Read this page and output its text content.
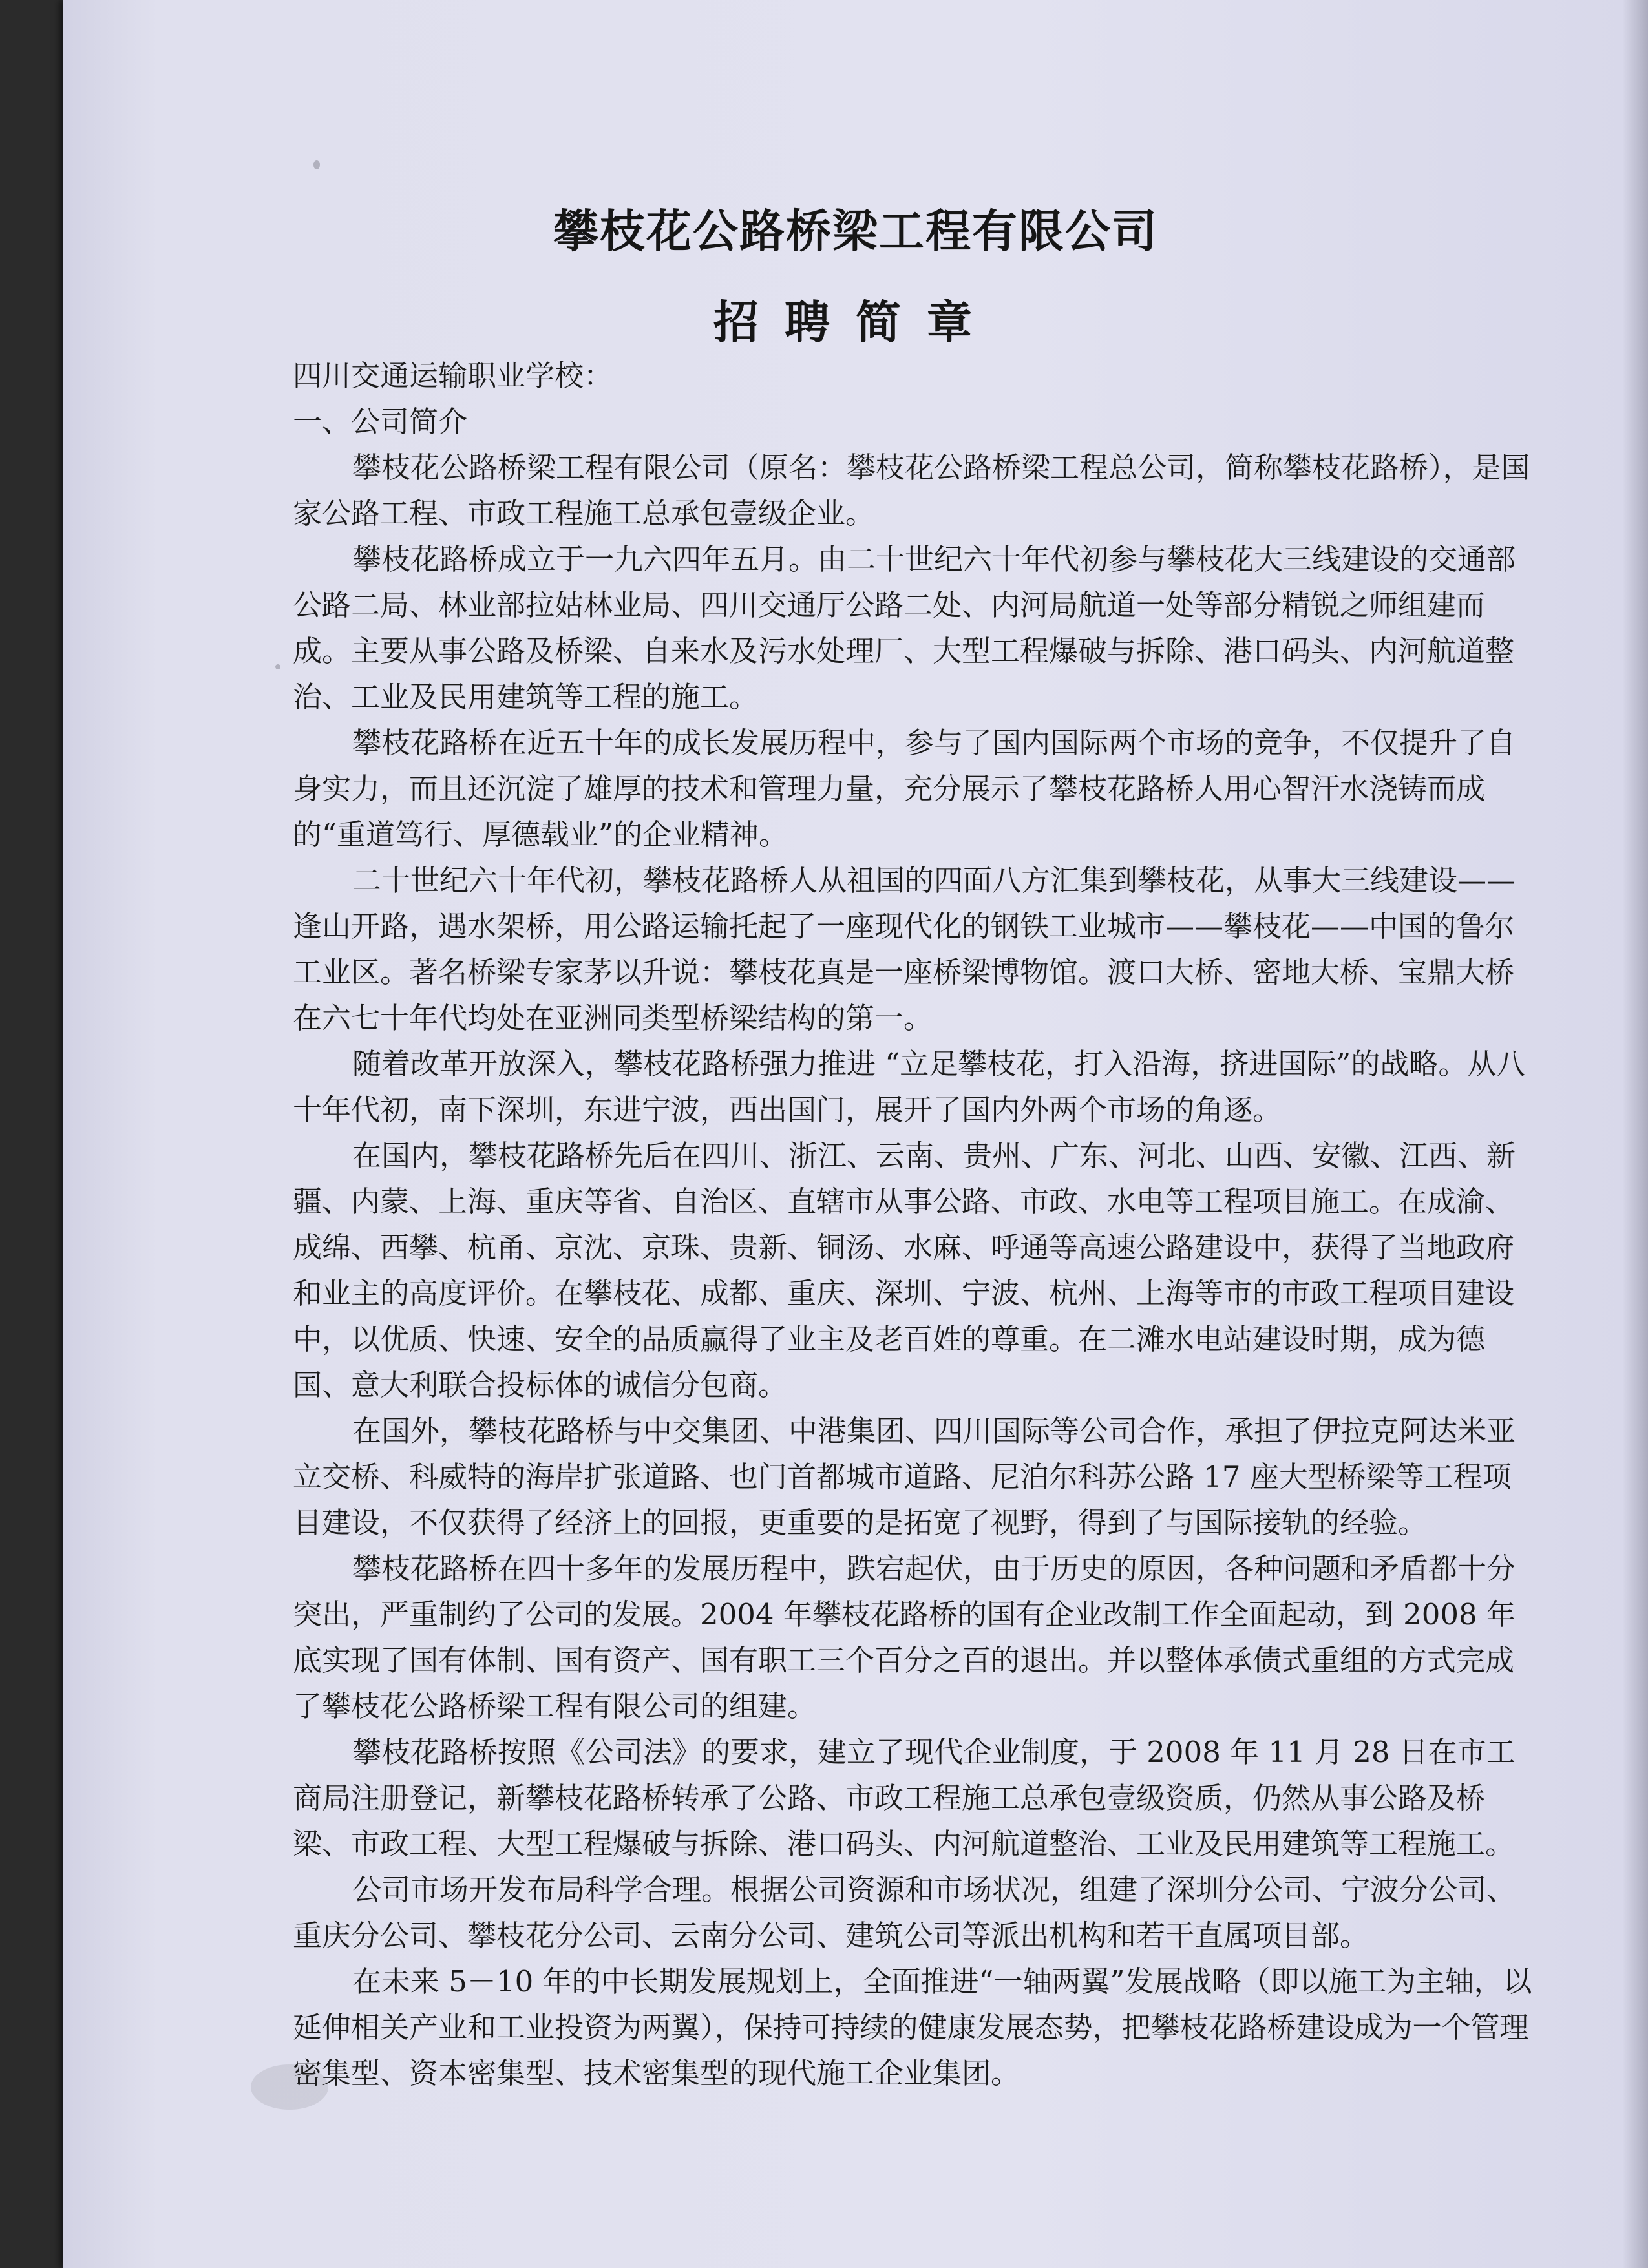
攀枝花公路桥梁工程有限公司
招聘简章

四川交通运输职业学校：

一、公司简介

攀枝花公路桥梁工程有限公司（原名：攀枝花公路桥梁工程总公司，简称攀枝花路桥），是国家公路工程、市政工程施工总承包壹级企业。

攀枝花路桥成立于一九六四年五月。由二十世纪六十年代初参与攀枝花大三线建设的交通部公路二局、林业部拉姑林业局、四川交通厅公路二处、内河局航道一处等部分精锐之师组建而成。主要从事公路及桥梁、自来水及污水处理厂、大型工程爆破与拆除、港口码头、内河航道整治、工业及民用建筑等工程的施工。

攀枝花路桥在近五十年的成长发展历程中，参与了国内国际两个市场的竞争，不仅提升了自身实力，而且还沉淀了雄厚的技术和管理力量，充分展示了攀枝花路桥人用心智汗水浇铸而成的“重道笃行、厚德载业”的企业精神。

二十世纪六十年代初，攀枝花路桥人从祖国的四面八方汇集到攀枝花，从事大三线建设——逢山开路，遇水架桥，用公路运输托起了一座现代化的钢铁工业城市——攀枝花——中国的鲁尔工业区。著名桥梁专家茅以升说：攀枝花真是一座桥梁博物馆。渡口大桥、密地大桥、宝鼎大桥在六七十年代均处在亚洲同类型桥梁结构的第一。

随着改革开放深入，攀枝花路桥强力推进 “立足攀枝花，打入沿海，挤进国际”的战略。从八十年代初，南下深圳，东进宁波，西出国门，展开了国内外两个市场的角逐。

在国内，攀枝花路桥先后在四川、浙江、云南、贵州、广东、河北、山西、安徽、江西、新疆、内蒙、上海、重庆等省、自治区、直辖市从事公路、市政、水电等工程项目施工。在成渝、成绵、西攀、杭甬、京沈、京珠、贵新、铜汤、水麻、呼通等高速公路建设中，获得了当地政府和业主的高度评价。在攀枝花、成都、重庆、深圳、宁波、杭州、上海等市的市政工程项目建设中，以优质、快速、安全的品质赢得了业主及老百姓的尊重。在二滩水电站建设时期，成为德国、意大利联合投标体的诚信分包商。

在国外，攀枝花路桥与中交集团、中港集团、四川国际等公司合作，承担了伊拉克阿达米亚立交桥、科威特的海岸扩张道路、也门首都城市道路、尼泊尔科苏公路 17 座大型桥梁等工程项目建设，不仅获得了经济上的回报，更重要的是拓宽了视野，得到了与国际接轨的经验。

攀枝花路桥在四十多年的发展历程中，跌宕起伏，由于历史的原因，各种问题和矛盾都十分突出，严重制约了公司的发展。2004 年攀枝花路桥的国有企业改制工作全面起动，到 2008 年底实现了国有体制、国有资产、国有职工三个百分之百的退出。并以整体承债式重组的方式完成了攀枝花公路桥梁工程有限公司的组建。

攀枝花路桥按照《公司法》的要求，建立了现代企业制度，于 2008 年 11 月 28 日在市工商局注册登记，新攀枝花路桥转承了公路、市政工程施工总承包壹级资质，仍然从事公路及桥梁、市政工程、大型工程爆破与拆除、港口码头、内河航道整治、工业及民用建筑等工程施工。

公司市场开发布局科学合理。根据公司资源和市场状况，组建了深圳分公司、宁波分公司、重庆分公司、攀枝花分公司、云南分公司、建筑公司等派出机构和若干直属项目部。

在未来 5－10 年的中长期发展规划上，全面推进“一轴两翼”发展战略（即以施工为主轴，以延伸相关产业和工业投资为两翼），保持可持续的健康发展态势，把攀枝花路桥建设成为一个管理密集型、资本密集型、技术密集型的现代施工企业集团。
